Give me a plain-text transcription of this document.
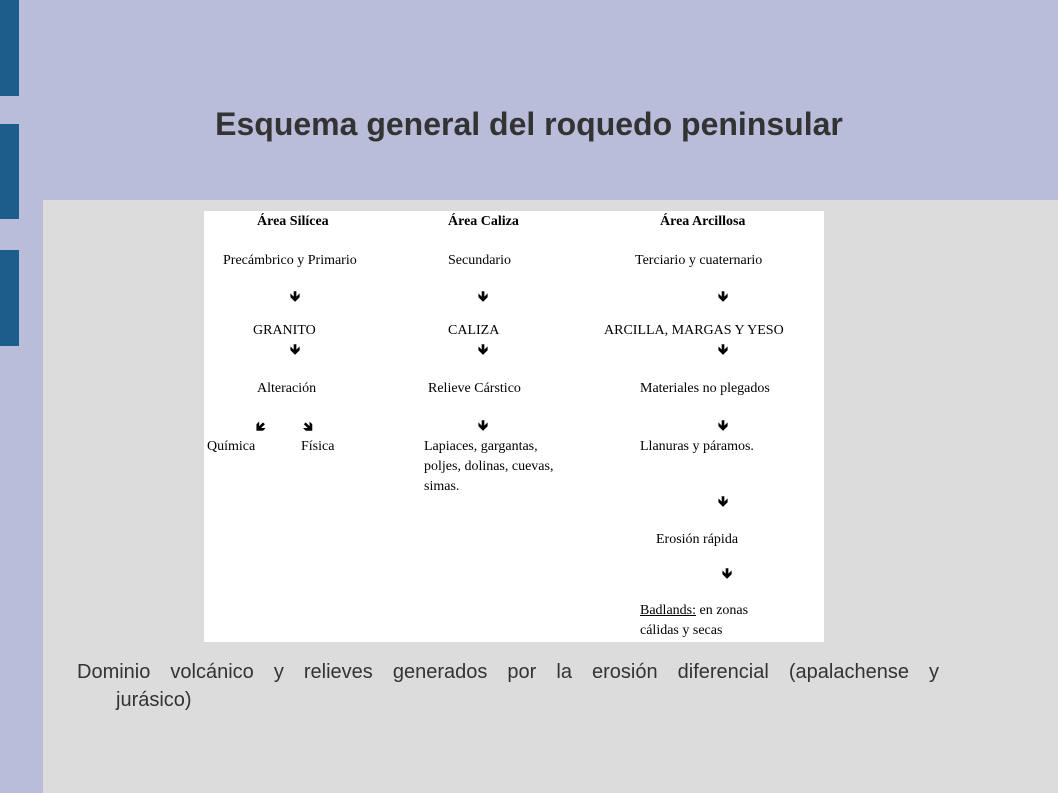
Esquema general del roquedo peninsular
Área Silícea
Precámbrico y Primario
🡻
GRANITO
🡻
Alteración
🡿	🡾
Química	Física
Área Caliza
Secundario
🡻
CALIZA
🡻
Relieve Cárstico
🡻
Lapiaces, gargantas,
poljes, dolinas, cuevas,
simas.
Área Arcillosa
Terciario y cuaternario
🡻
ARCILLA, MARGAS Y YESO
🡻
Materiales no plegados
🡻
Llanuras y páramos.
🡻
Erosión rápida
🡻
Badlands: en zonas
cálidas y secas
Dominio volcánico y relieves generados por la erosión diferencial (apalachense y
jurásico)
